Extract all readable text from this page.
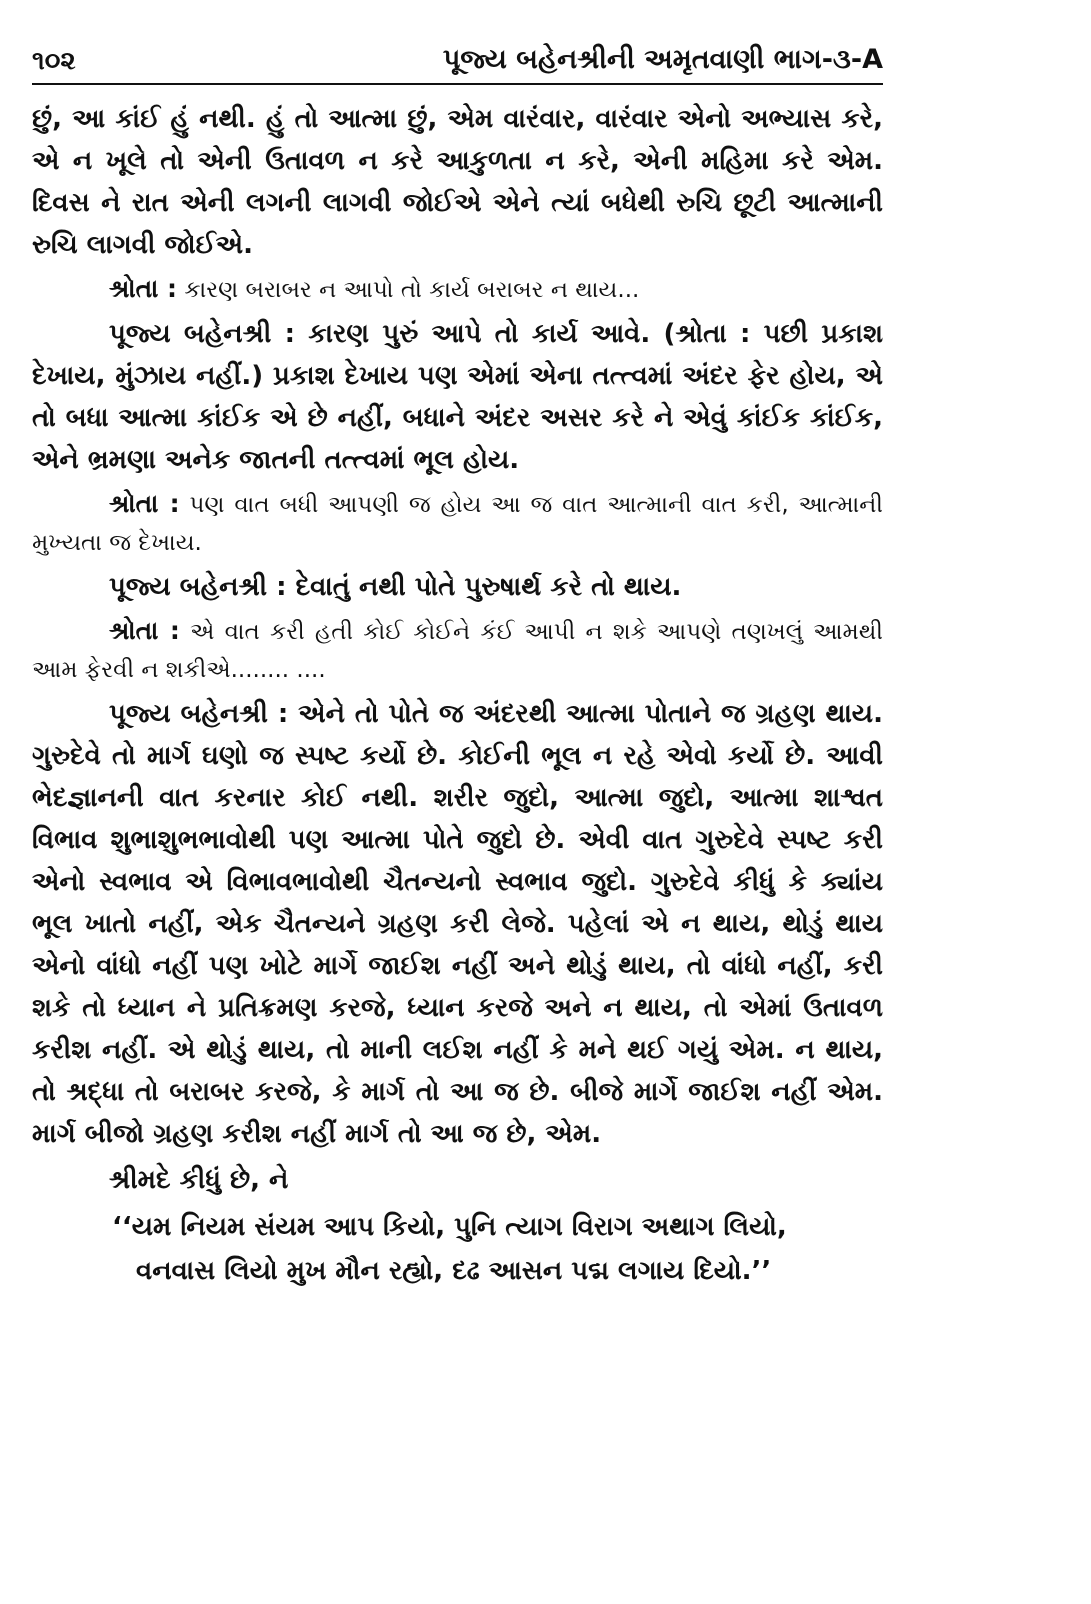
૧૦૨	પૂજ્ય બહેનશ્રીની અમૃતવાણી ભાગ-૩-A

છું, આ કાંઈ હું નથી. હું તો આત્મા છું, એમ વારંવાર, વારંવાર એનો અભ્યાસ કરે, એ ન ખૂલે તો એની ઉતાવળ ન કરે આકુળતા ન કરે, એની મહિમા કરે એમ. દિવસ ને રાત એની લગની લાગવી જોઈએ એને ત્યાં બધેથી રુચિ છૂટી આત્માની રુચિ લાગવી જોઈએ.

શ્રોતા : કારણ બરાબર ન આપો તો કાર્ય બરાબર ન થાય...

પૂજ્ય બહેનશ્રી : કારણ પુરું આપે તો કાર્ય આવે. (શ્રોતા : પછી પ્રકાશ દેખાય, મુંઝાય નહીં.) પ્રકાશ દેખાય પણ એમાં એના તત્ત્વમાં અંદર ફેર હોય, એ તો બધા આત્મા કાંઈક એ છે નહીં, બધાને અંદર અસર કરે ને એવું કાંઈક કાંઈક, એને ભ્રમણા અનેક જાતની તત્ત્વમાં ભૂલ હોય.

શ્રોતા : પણ વાત બધી આપણી જ હોય આ જ વાત આત્માની વાત કરી, આત્માની મુખ્યતા જ દેખાય.

પૂજ્ય બહેનશ્રી : દેવાતું નથી પોતે પુરુષાર્થ કરે તો થાય.

શ્રોતા : એ વાત કરી હતી કોઈ કોઈને કંઈ આપી ન શકે આપણે તણખલું આમથી આમ ફેરવી ન શકીએ........ ....

પૂજ્ય બહેનશ્રી : એને તો પોતે જ અંદરથી આત્મા પોતાને જ ગ્રહણ થાય. ગુરુદેવે તો માર્ગ ઘણો જ સ્પષ્ટ કર્યો છે. કોઈની ભૂલ ન રહે એવો કર્યો છે. આવી ભેદજ્ઞાનની વાત કરનાર કોઈ નથી. શરીર જુદો, આત્મા જુદો, આત્મા શાશ્વત વિભાવ શુભાશુભભાવોથી પણ આત્મા પોતે જુદો છે. એવી વાત ગુરુદેવે સ્પષ્ટ કરી એનો સ્વભાવ એ વિભાવભાવોથી ચૈતન્યનો સ્વભાવ જુદો. ગુરુદેવે કીધું કે ક્યાંય ભૂલ ખાતો નહીં, એક ચૈતન્યને ગ્રહણ કરી લેજે. પહેલાં એ ન થાય, થોડું થાય એનો વાંધો નહીં પણ ખોટે માર્ગે જાઈશ નહીં અને થોડું થાય, તો વાંધો નહીં, કરી શકે તો ધ્યાન ને પ્રતિક્રમણ કરજે, ધ્યાન કરજે અને ન થાય, તો એમાં ઉતાવળ કરીશ નહીં. એ થોડું થાય, તો માની લઈશ નહીં કે મને થઈ ગયું એમ. ન થાય, તો શ્રદ્ધા તો બરાબર કરજે, કે માર્ગ તો આ જ છે. બીજે માર્ગે જાઈશ નહીં એમ. માર્ગ બીજો ગ્રહણ કરીશ નહીં માર્ગ તો આ જ છે, એમ.

શ્રીમદે કીધું છે, ને

‘‘યમ નિયમ સંયમ આપ કિયો, પુનિ ત્યાગ વિરાગ અથાગ લિયો,
વનવાસ લિયો મુખ મૌન રહ્યો, દઢ આસન પદ્મ લગાય દિયો.’’
